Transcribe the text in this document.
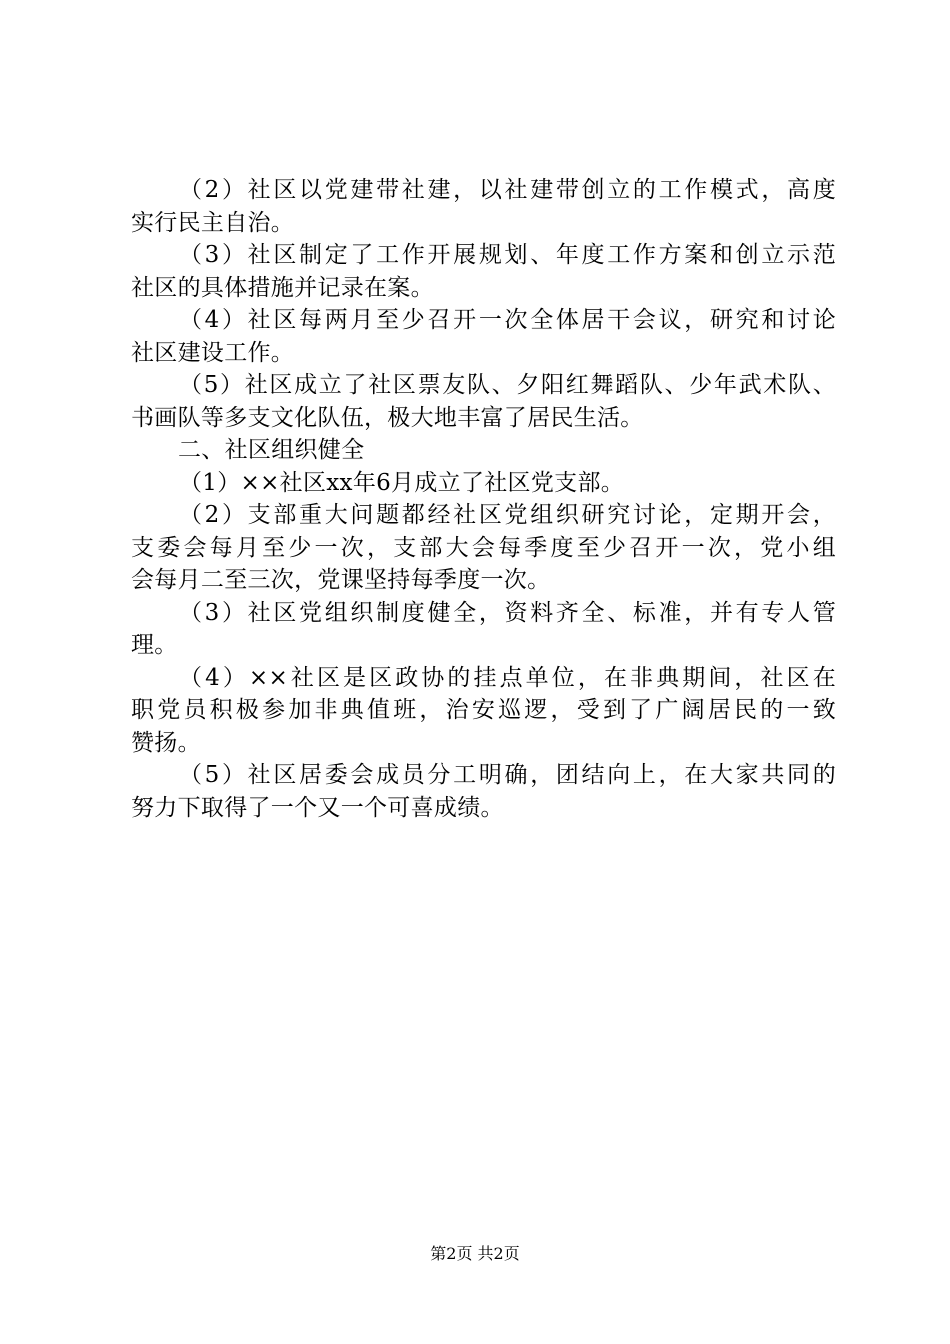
（2）社区以党建带社建，以社建带创立的工作模式，高度
实行民主自治。
（3）社区制定了工作开展规划、年度工作方案和创立示范
社区的具体措施并记录在案。
（4）社区每两月至少召开一次全体居干会议，研究和讨论
社区建设工作。
（5）社区成立了社区票友队、夕阳红舞蹈队、少年武术队、
书画队等多支文化队伍，极大地丰富了居民生活。
二、社区组织健全
（1）××社区xx年6月成立了社区党支部。
（2）支部重大问题都经社区党组织研究讨论，定期开会，
支委会每月至少一次，支部大会每季度至少召开一次，党小组
会每月二至三次，党课坚持每季度一次。
（3）社区党组织制度健全，资料齐全、标准，并有专人管
理。
（4）××社区是区政协的挂点单位，在非典期间，社区在
职党员积极参加非典值班，治安巡逻，受到了广阔居民的一致
赞扬。
（5）社区居委会成员分工明确，团结向上，在大家共同的
努力下取得了一个又一个可喜成绩。
第2页 共2页
